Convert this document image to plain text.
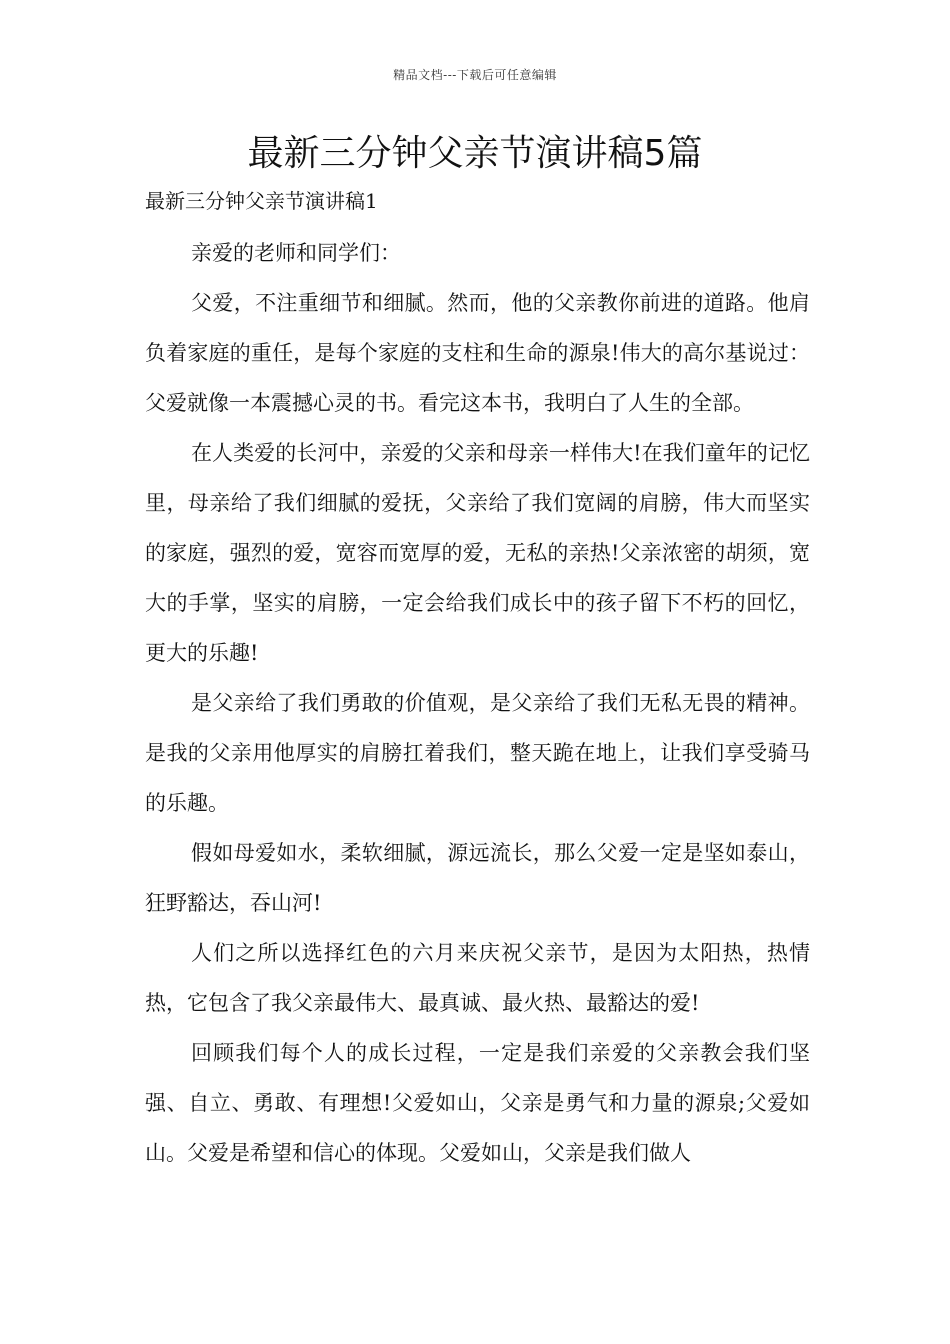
精品文档---下载后可任意编辑
最新三分钟父亲节演讲稿5篇
最新三分钟父亲节演讲稿1

亲爱的老师和同学们：

父爱，不注重细节和细腻。然而，他的父亲教你前进的道路。他肩负着家庭的重任，是每个家庭的支柱和生命的源泉!伟大的高尔基说过：父爱就像一本震撼心灵的书。看完这本书，我明白了人生的全部。

在人类爱的长河中，亲爱的父亲和母亲一样伟大!在我们童年的记忆里，母亲给了我们细腻的爱抚，父亲给了我们宽阔的肩膀，伟大而坚实的家庭，强烈的爱，宽容而宽厚的爱，无私的亲热!父亲浓密的胡须，宽大的手掌，坚实的肩膀，一定会给我们成长中的孩子留下不朽的回忆，更大的乐趣!

是父亲给了我们勇敢的价值观，是父亲给了我们无私无畏的精神。是我的父亲用他厚实的肩膀扛着我们，整天跪在地上，让我们享受骑马的乐趣。

假如母爱如水，柔软细腻，源远流长，那么父爱一定是坚如泰山，狂野豁达，吞山河!

人们之所以选择红色的六月来庆祝父亲节，是因为太阳热，热情热，它包含了我父亲最伟大、最真诚、最火热、最豁达的爱!

回顾我们每个人的成长过程，一定是我们亲爱的父亲教会我们坚强、自立、勇敢、有理想!父爱如山，父亲是勇气和力量的源泉;父爱如山。父爱是希望和信心的体现。父爱如山，父亲是我们做人
